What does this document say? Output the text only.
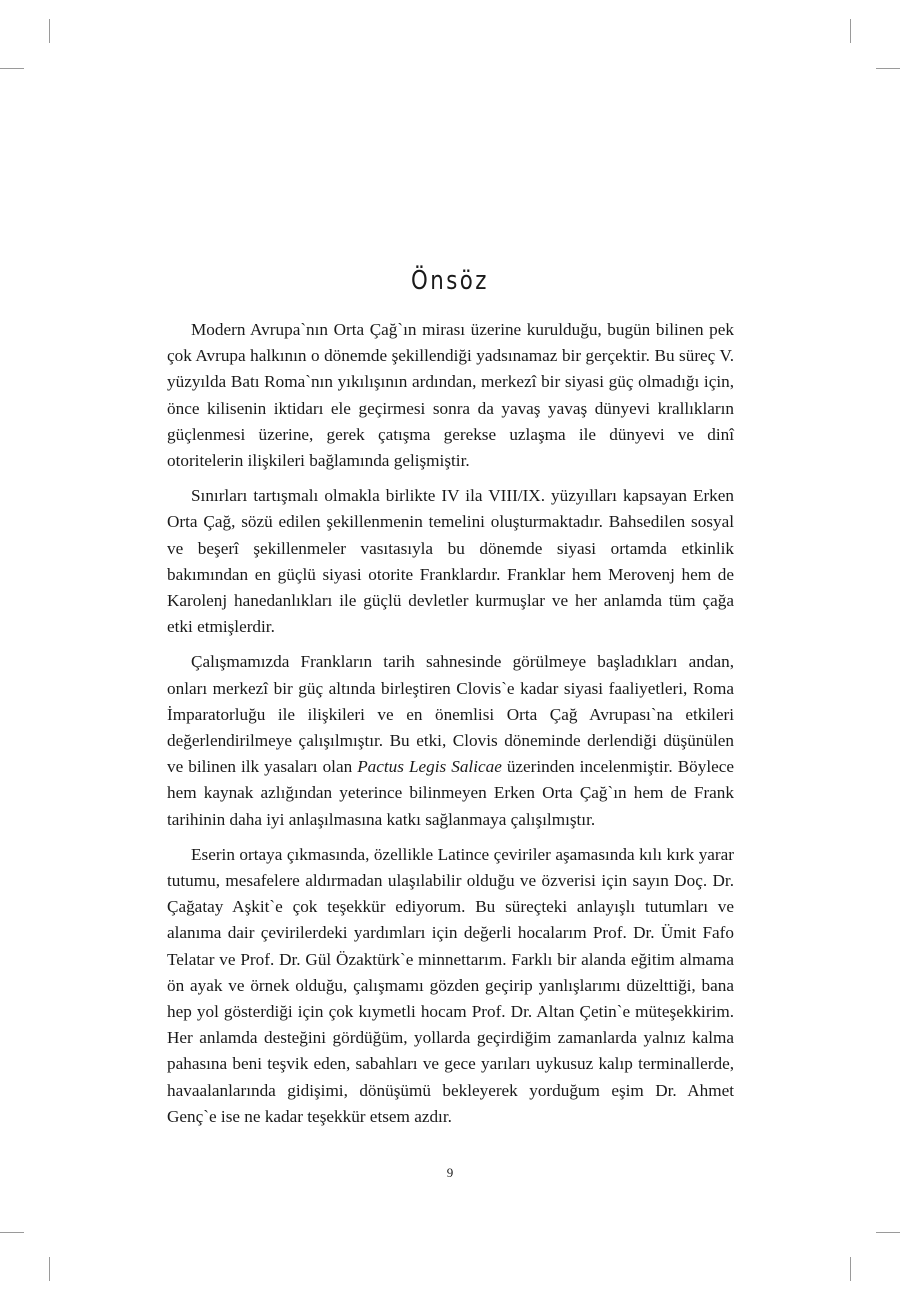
Önsöz

Modern Avrupa`nın Orta Çağ`ın mirası üzerine kurulduğu, bugün bilinen pek çok Avrupa halkının o dönemde şekillendiği yadsınamaz bir gerçektir. Bu süreç V. yüzyılda Batı Roma`nın yıkılışının ardından, merkezî bir siyasi güç olmadığı için, önce kilisenin iktidarı ele geçirmesi sonra da yavaş yavaş dünyevi krallıkların güçlenmesi üzerine, gerek çatışma gerekse uzlaşma ile dünyevi ve dinî otoritelerin ilişkileri bağlamında gelişmiştir.

Sınırları tartışmalı olmakla birlikte IV ila VIII/IX. yüzyılları kapsayan Erken Orta Çağ, sözü edilen şekillenmenin temelini oluşturmaktadır. Bahsedilen sosyal ve beşerî şekillenmeler vasıtasıyla bu dönemde siyasi ortamda etkinlik bakımından en güçlü siyasi otorite Franklardır. Franklar hem Merovenj hem de Karolenj hanedanlıkları ile güçlü devletler kurmuşlar ve her anlamda tüm çağa etki etmişlerdir.

Çalışmamızda Frankların tarih sahnesinde görülmeye başladıkları andan, onları merkezî bir güç altında birleştiren Clovis`e kadar siyasi faaliyetleri, Roma İmparatorluğu ile ilişkileri ve en önemlisi Orta Çağ Avrupası`na etkileri değerlendirilmeye çalışılmıştır. Bu etki, Clovis döneminde derlendiği düşünülen ve bilinen ilk yasaları olan Pactus Legis Salicae üzerinden incelenmiştir. Böylece hem kaynak azlığından yeterince bilinmeyen Erken Orta Çağ`ın hem de Frank tarihinin daha iyi anlaşılmasına katkı sağlanmaya çalışılmıştır.

Eserin ortaya çıkmasında, özellikle Latince çeviriler aşamasında kılı kırk yarar tutumu, mesafelere aldırmadan ulaşılabilir olduğu ve özverisi için sayın Doç. Dr. Çağatay Aşkit`e çok teşekkür ediyorum. Bu süreçteki anlayışlı tutumları ve alanıma dair çevirilerdeki yardımları için değerli hocalarım Prof. Dr. Ümit Fafo Telatar ve Prof. Dr. Gül Özaktürk`e minnettarım. Farklı bir alanda eğitim almama ön ayak ve örnek olduğu, çalışmamı gözden geçirip yanlışlarımı düzelttiği, bana hep yol gösterdiği için çok kıymetli hocam Prof. Dr. Altan Çetin`e müteşekkirim. Her anlamda desteğini gördüğüm, yollarda geçirdiğim zamanlarda yalnız kalma pahasına beni teşvik eden, sabahları ve gece yarıları uykusuz kalıp terminallerde, havaalanlarında gidişimi, dönüşümü bekleyerek yorduğum eşim Dr. Ahmet Genç`e ise ne kadar teşekkür etsem azdır.

9
